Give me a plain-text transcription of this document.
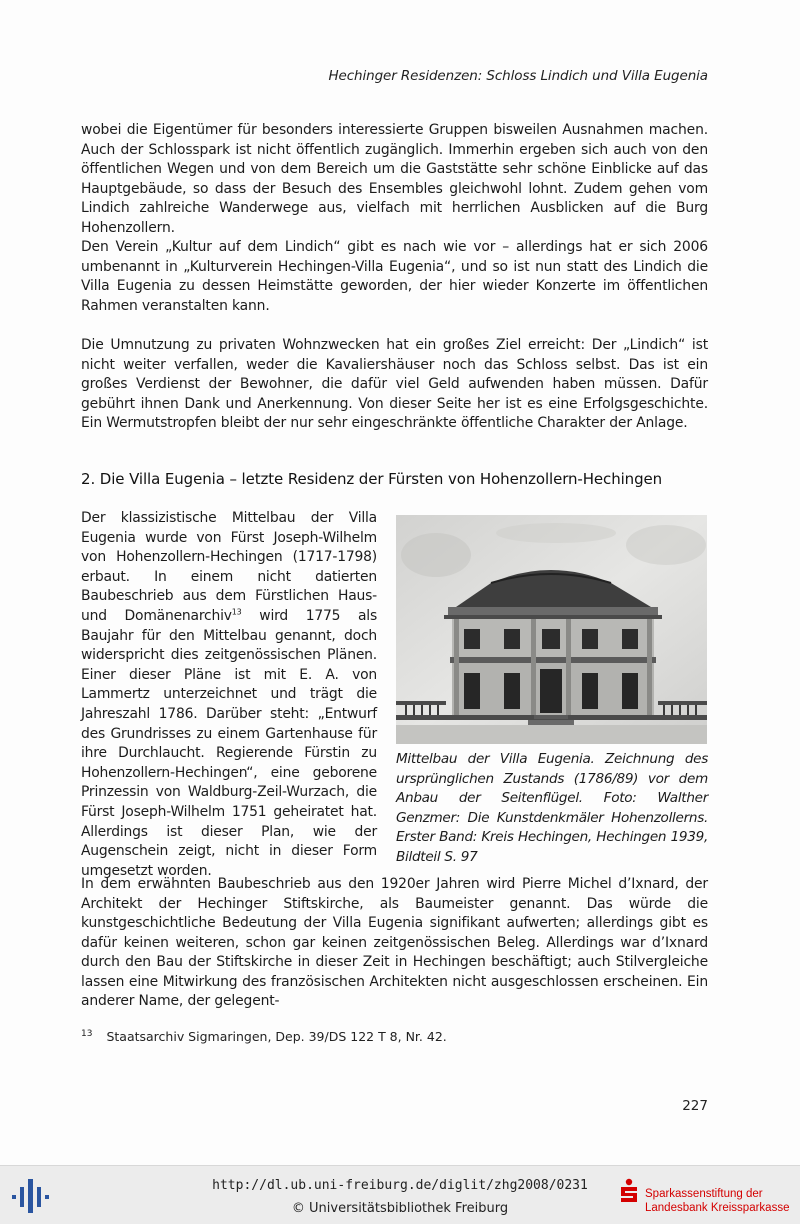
Hechinger Residenzen: Schloss Lindich und Villa Eugenia

wobei die Eigentümer für besonders interessierte Gruppen bisweilen Ausnahmen machen. Auch der Schlosspark ist nicht öffentlich zugänglich. Immerhin ergeben sich auch von den öffentlichen Wegen und von dem Bereich um die Gaststätte sehr schöne Einblicke auf das Hauptgebäude, so dass der Besuch des Ensembles gleichwohl lohnt. Zudem gehen vom Lindich zahlreiche Wanderwege aus, vielfach mit herrlichen Ausblicken auf die Burg Hohenzollern.

Den Verein „Kultur auf dem Lindich“ gibt es nach wie vor – allerdings hat er sich 2006 umbenannt in „Kulturverein Hechingen-Villa Eugenia“, und so ist nun statt des Lindich die Villa Eugenia zu dessen Heimstätte geworden, der hier wieder Konzerte im öffentlichen Rahmen veranstalten kann.

Die Umnutzung zu privaten Wohnzwecken hat ein großes Ziel erreicht: Der „Lindich“ ist nicht weiter verfallen, weder die Kavaliershäuser noch das Schloss selbst. Das ist ein großes Verdienst der Bewohner, die dafür viel Geld aufwenden haben müssen. Dafür gebührt ihnen Dank und Anerkennung. Von dieser Seite her ist es eine Erfolgsgeschichte. Ein Wermutstropfen bleibt der nur sehr eingeschränkte öffentliche Charakter der Anlage.

2. Die Villa Eugenia – letzte Residenz der Fürsten von Hohenzollern-Hechingen

Der klassizistische Mittelbau der Villa Eugenia wurde von Fürst Joseph-Wilhelm von Hohenzollern-Hechingen (1717-1798) erbaut. In einem nicht datierten Baubeschrieb aus dem Fürstlichen Haus- und Domänenarchiv$^{13}$ wird 1775 als Baujahr für den Mittelbau genannt, doch widerspricht dies zeitgenössischen Plänen. Einer dieser Pläne ist mit E. A. von Lammertz unterzeichnet und trägt die Jahreszahl 1786. Darüber steht: „Entwurf des Grundrisses zu einem Gartenhause für ihre Durchlaucht. Regierende Fürstin zu Hohenzollern-Hechingen“, eine geborene Prinzessin von Waldburg-Zeil-Wurzach, die Fürst Joseph-Wilhelm 1751 geheiratet hat. Allerdings ist dieser Plan, wie der Augenschein zeigt, nicht in dieser Form umgesetzt worden.

Mittelbau der Villa Eugenia. Zeichnung des ursprünglichen Zustands (1786/89) vor dem Anbau der Seitenflügel. Foto: Walther Genzmer: Die Kunstdenkmäler Hohenzollerns. Erster Band: Kreis Hechingen, Hechingen 1939, Bildteil S. 97

In dem erwähnten Baubeschrieb aus den 1920er Jahren wird Pierre Michel d’Ixnard, der Architekt der Hechinger Stiftskirche, als Baumeister genannt. Das würde die kunstgeschichtliche Bedeutung der Villa Eugenia signifikant aufwerten; allerdings gibt es dafür keinen weiteren, schon gar keinen zeitgenössischen Beleg. Allerdings war d’Ixnard durch den Bau der Stiftskirche in dieser Zeit in Hechingen beschäftigt; auch Stilvergleiche lassen eine Mitwirkung des französischen Architekten nicht ausgeschlossen erscheinen. Ein anderer Name, der gelegent-

$^{13}$ Staatsarchiv Sigmaringen, Dep. 39/DS 122 T 8, Nr. 42.
227
http://dl.ub.uni-freiburg.de/diglit/zhg2008/0231
© Universitätsbibliothek Freiburg
Sparkassenstiftung der
Landesbank Kreissparkasse
